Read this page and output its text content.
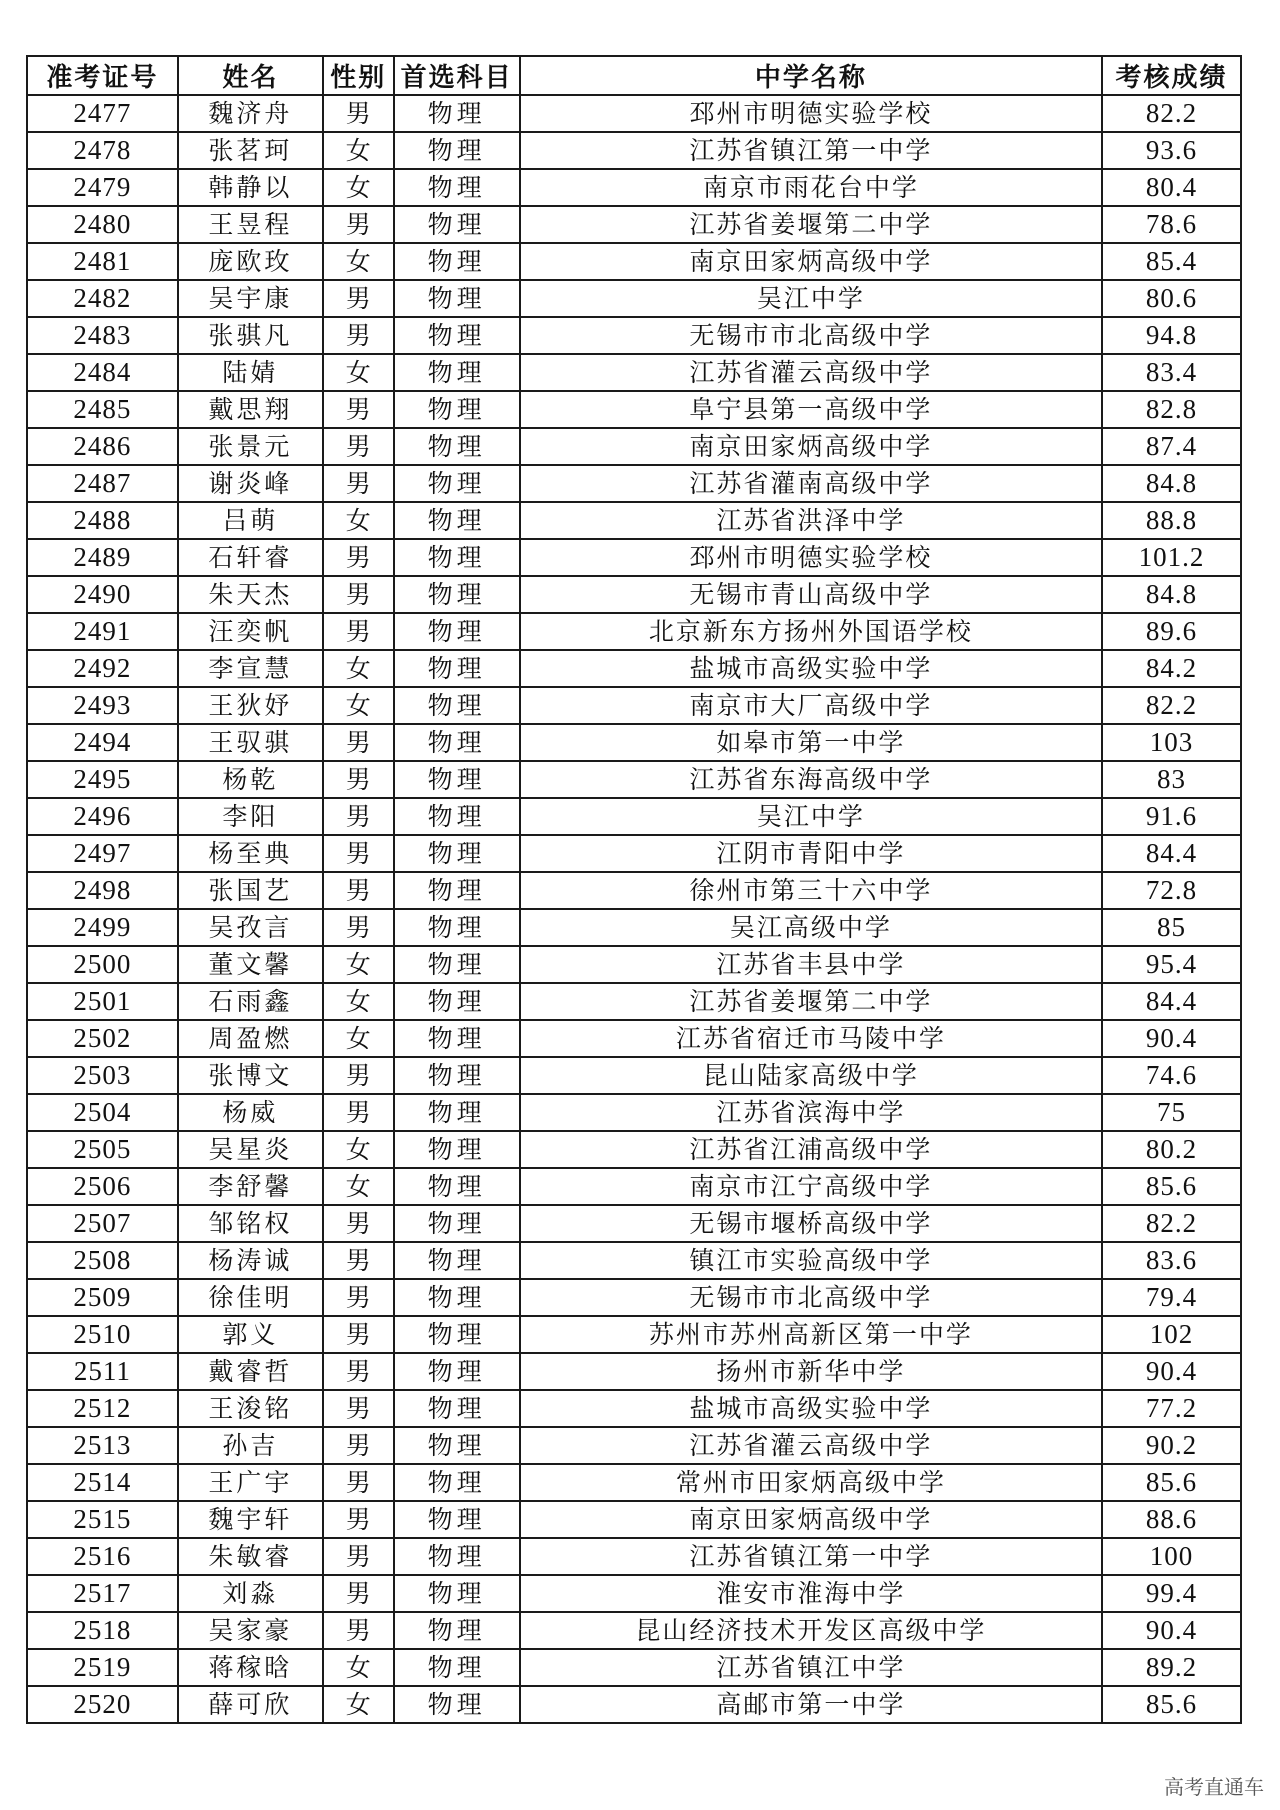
准考证号	姓名	性别	首选科目	中学名称	考核成绩
2477	魏济舟	男	物理	邳州市明德实验学校	82.2
2478	张茗珂	女	物理	江苏省镇江第一中学	93.6
2479	韩静以	女	物理	南京市雨花台中学	80.4
2480	王昱程	男	物理	江苏省姜堰第二中学	78.6
2481	庞欧玫	女	物理	南京田家炳高级中学	85.4
2482	吴宇康	男	物理	吴江中学	80.6
2483	张骐凡	男	物理	无锡市市北高级中学	94.8
2484	陆婧	女	物理	江苏省灌云高级中学	83.4
2485	戴思翔	男	物理	阜宁县第一高级中学	82.8
2486	张景元	男	物理	南京田家炳高级中学	87.4
2487	谢炎峰	男	物理	江苏省灌南高级中学	84.8
2488	吕萌	女	物理	江苏省洪泽中学	88.8
2489	石轩睿	男	物理	邳州市明德实验学校	101.2
2490	朱天杰	男	物理	无锡市青山高级中学	84.8
2491	汪奕帆	男	物理	北京新东方扬州外国语学校	89.6
2492	李宣慧	女	物理	盐城市高级实验中学	84.2
2493	王狄妤	女	物理	南京市大厂高级中学	82.2
2494	王驭骐	男	物理	如皋市第一中学	103
2495	杨乾	男	物理	江苏省东海高级中学	83
2496	李阳	男	物理	吴江中学	91.6
2497	杨至典	男	物理	江阴市青阳中学	84.4
2498	张国艺	男	物理	徐州市第三十六中学	72.8
2499	吴孜言	男	物理	吴江高级中学	85
2500	董文馨	女	物理	江苏省丰县中学	95.4
2501	石雨鑫	女	物理	江苏省姜堰第二中学	84.4
2502	周盈燃	女	物理	江苏省宿迁市马陵中学	90.4
2503	张博文	男	物理	昆山陆家高级中学	74.6
2504	杨威	男	物理	江苏省滨海中学	75
2505	吴星炎	女	物理	江苏省江浦高级中学	80.2
2506	李舒馨	女	物理	南京市江宁高级中学	85.6
2507	邹铭权	男	物理	无锡市堰桥高级中学	82.2
2508	杨涛诚	男	物理	镇江市实验高级中学	83.6
2509	徐佳明	男	物理	无锡市市北高级中学	79.4
2510	郭义	男	物理	苏州市苏州高新区第一中学	102
2511	戴睿哲	男	物理	扬州市新华中学	90.4
2512	王浚铭	男	物理	盐城市高级实验中学	77.2
2513	孙吉	男	物理	江苏省灌云高级中学	90.2
2514	王广宇	男	物理	常州市田家炳高级中学	85.6
2515	魏宇轩	男	物理	南京田家炳高级中学	88.6
2516	朱敏睿	男	物理	江苏省镇江第一中学	100
2517	刘淼	男	物理	淮安市淮海中学	99.4
2518	吴家豪	男	物理	昆山经济技术开发区高级中学	90.4
2519	蒋稼晗	女	物理	江苏省镇江中学	89.2
2520	薛可欣	女	物理	高邮市第一中学	85.6
高考直通车
